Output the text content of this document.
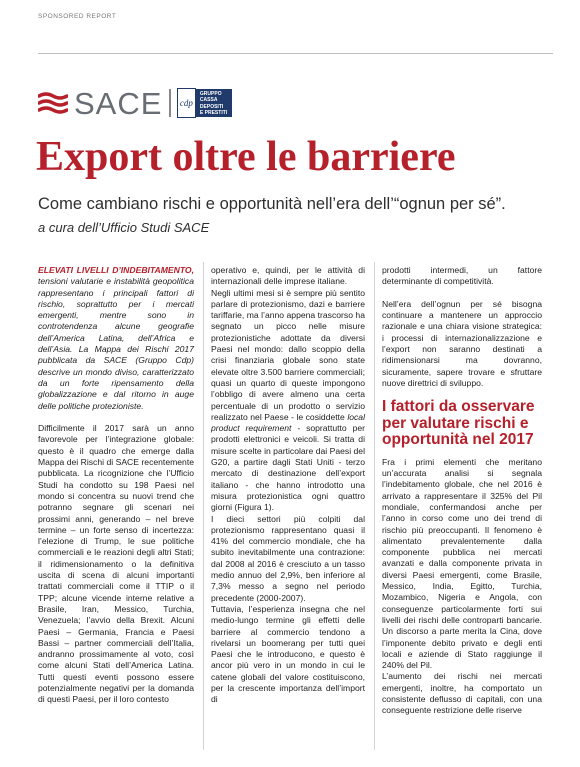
SPONSORED REPORT
SACE cdp
GRUPPO
CASSA
DEPOSITI
E PRESTITI
Export oltre le barriere
Come cambiano rischi e opportunità nell’era dell’“ognun per sé”.
a cura dell’Ufficio Studi SACE

ELEVATI LIVELLI D’INDEBITAMENTO, tensioni valutarie e instabilità geopolitica rappresentano i principali fattori di rischio, soprattutto per i mercati emergenti, mentre sono in controtendenza alcune geografie dell’America Latina, dell’Africa e dell’Asia. La Mappa dei Rischi 2017 pubblicata da SACE (Gruppo Cdp) descrive un mondo diviso, caratterizzato da un forte ripensamento della globalizzazione e dal ritorno in auge delle politiche protezioniste.

Difficilmente il 2017 sarà un anno favorevole per l’integrazione globale: questo è il quadro che emerge dalla Mappa dei Rischi di SACE recentemente pubblicata. La ricognizione che l’Ufficio Studi ha condotto su 198 Paesi nel mondo si concentra su nuovi trend che potranno segnare gli scenari nei prossimi anni, generando – nel breve termine – un forte senso di incertezza: l’elezione di Trump, le sue politiche commerciali e le reazioni degli altri Stati; il ridimensionamento o la definitiva uscita di scena di alcuni importanti trattati commerciali come il TTIP o il TPP; alcune vicende interne relative a Brasile, Iran, Messico, Turchia, Venezuela; l’avvio della Brexit. Alcuni Paesi – Germania, Francia e Paesi Bassi – partner commerciali dell’Italia, andranno prossimamente al voto, così come alcuni Stati dell’America Latina. Tutti questi eventi possono essere potenzialmente negativi per la domanda di questi Paesi, per il loro contesto

operativo e, quindi, per le attività di internazionali delle imprese italiane.

Negli ultimi mesi si è sempre più sentito parlare di protezionismo, dazi e barriere tariffarie, ma l’anno appena trascorso ha segnato un picco nelle misure protezionistiche adottate da diversi Paesi nel mondo: dallo scoppio della crisi finanziaria globale sono state elevate oltre 3.500 barriere commerciali; quasi un quarto di queste impongono l’obbligo di avere almeno una certa percentuale di un prodotto o servizio realizzato nel Paese - le cosiddette local product requirement - soprattutto per prodotti elettronici e veicoli. Si tratta di misure scelte in particolare dai Paesi del G20, a partire dagli Stati Uniti - terzo mercato di destinazione dell’export italiano - che hanno introdotto una misura protezionistica ogni quattro giorni (Figura 1).

I dieci settori più colpiti dal protezionismo rappresentano quasi il 41% del commercio mondiale, che ha subito inevitabilmente una contrazione: dal 2008 al 2016 è cresciuto a un tasso medio annuo del 2,9%, ben inferiore al 7,3% messo a segno nel periodo precedente (2000-2007).

Tuttavia, l’esperienza insegna che nel medio-lungo termine gli effetti delle barriere al commercio tendono a rivelarsi un boomerang per tutti quei Paesi che le introducono, e questo è ancor più vero in un mondo in cui le catene globali del valore costituiscono, per la crescente importanza dell’import di

prodotti intermedi, un fattore determinante di competitività.

Nell’era dell’ognun per sé bisogna continuare a mantenere un approccio razionale e una chiara visione strategica: i processi di internazionalizzazione e l’export non saranno destinati a ridimensionarsi ma dovranno, sicuramente, sapere trovare e sfruttare nuove direttrici di sviluppo.

I fattori da osservare per valutare rischi e opportunità nel 2017

Fra i primi elementi che meritano un’accurata analisi si segnala l’indebitamento globale, che nel 2016 è arrivato a rappresentare il 325% del Pil mondiale, confermandosi anche per l’anno in corso come uno dei trend di rischio più preoccupanti. Il fenomeno è alimentato prevalentemente dalla componente pubblica nei mercati avanzati e dalla componente privata in diversi Paesi emergenti, come Brasile, Messico, India, Egitto, Turchia, Mozambico, Nigeria e Angola, con conseguenze particolarmente forti sui livelli dei rischi delle controparti bancarie. Un discorso a parte merita la Cina, dove l’imponente debito privato e degli enti locali e aziende di Stato raggiunge il 240% del Pil.

L’aumento dei rischi nei mercati emergenti, inoltre, ha comportato un consistente deflusso di capitali, con una conseguente restrizione delle riserve
